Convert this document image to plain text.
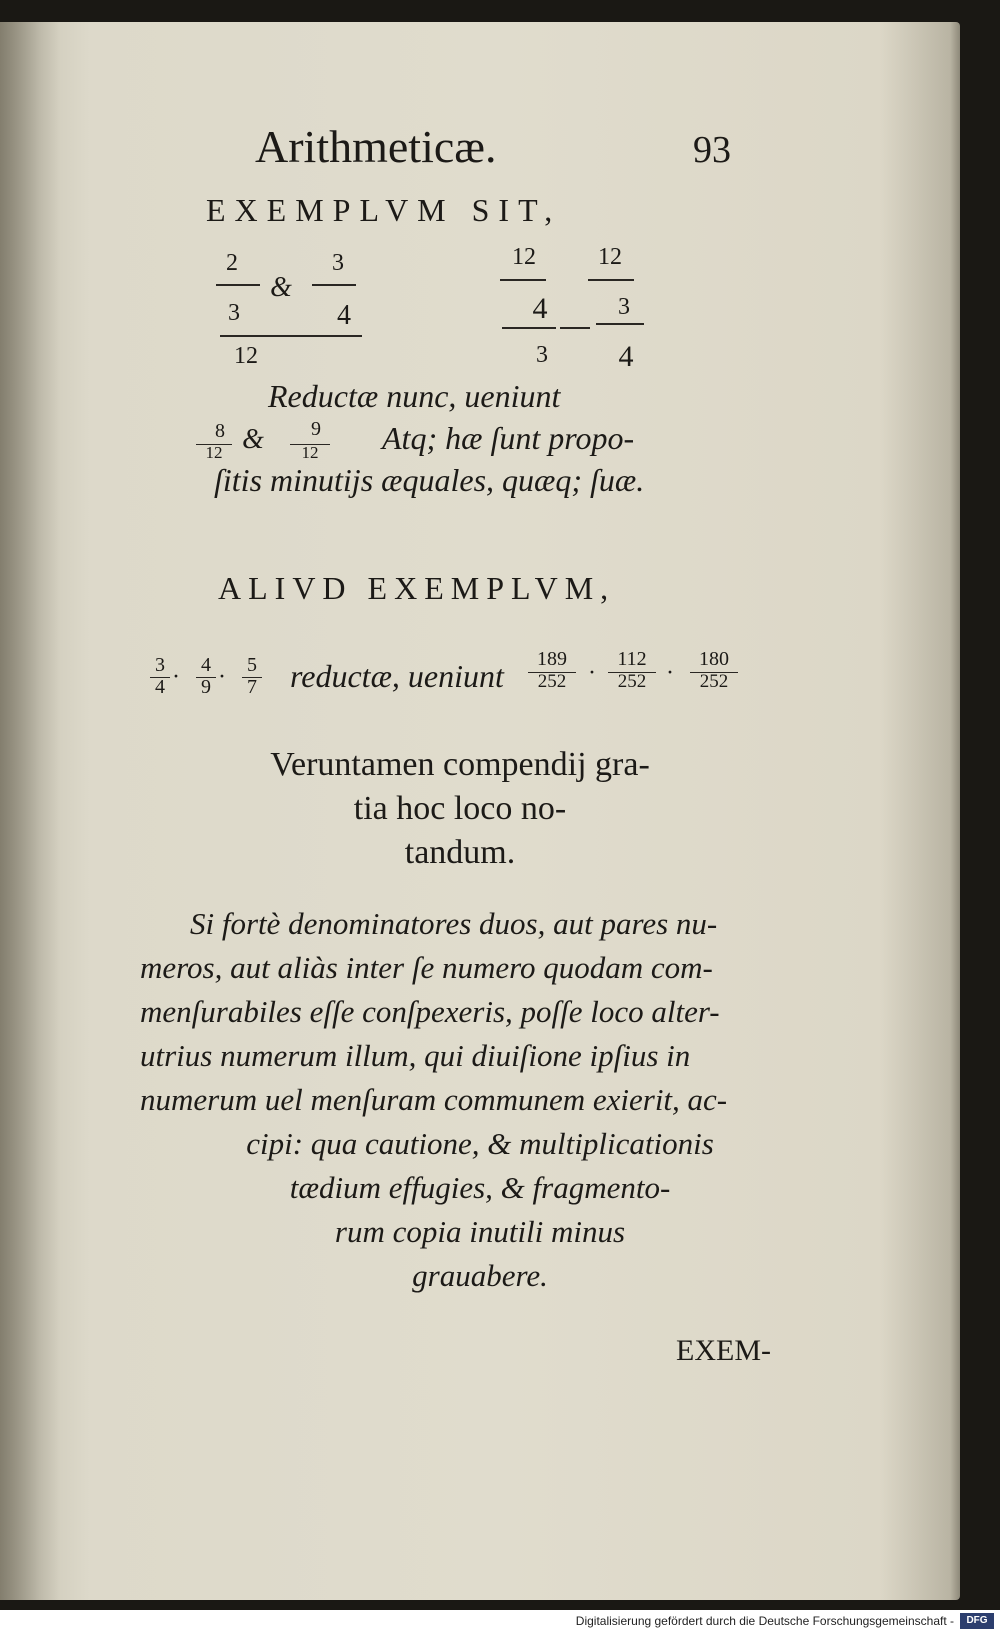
Arithmeticæ.	93
EXEMPLVM SIT,
2
&
3
3	4
12
12	12
4	3
3 4
Reductæ nunc, ueniunt
8
12 & 9
12	Atq; hæ ſunt propo-
ſitis minutijs æquales, quæq; ſuæ.
ALIVD EXEMPLVM,
3
4 · 4
9 · 5
7 reductæ, ueniunt	189
252 ·
112
252 ·
180
252
Veruntamen compendij gra-
tia hoc loco no-
tandum.
Si fortè denominatores duos, aut pares nu-
meros, aut aliàs inter ſe numero quodam com-
menſurabiles eſſe conſpexeris, poſſe loco alter-
utrius numerum illum, qui diuiſione ipſius in
numerum uel menſuram communem exierit, ac-
cipi: qua cautione, & multiplicationis
tædium effugies, & fragmento-
rum copia inutili minus
grauabere.
EXEM-
Digitalisierung gefördert durch die Deutsche Forschungsgemeinschaft -	DFG
